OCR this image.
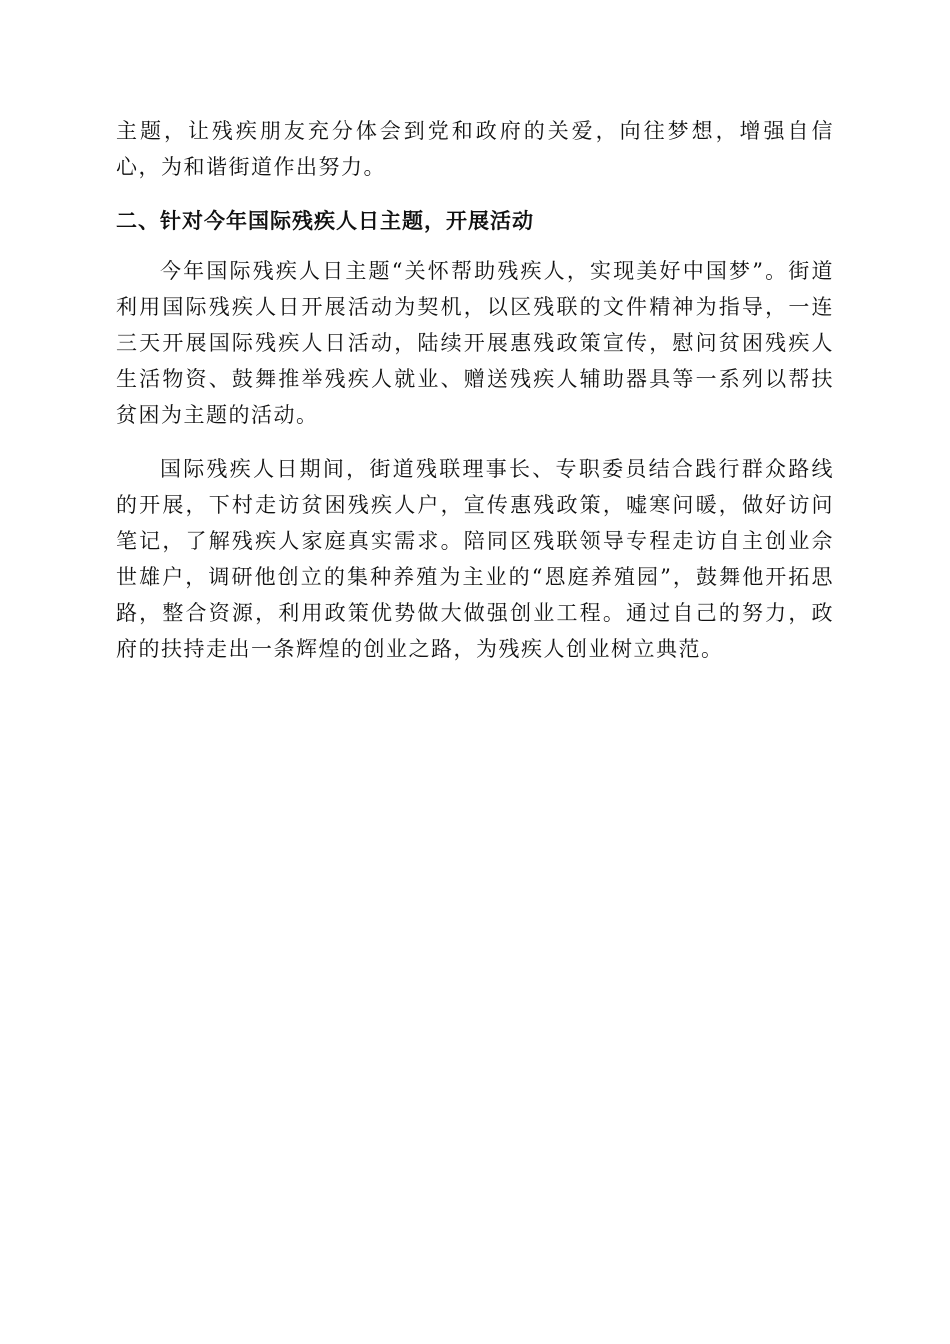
主题，让残疾朋友充分体会到党和政府的关爱，向往梦想，增强自信心，为和谐街道作出努力。

二、针对今年国际残疾人日主题，开展活动

今年国际残疾人日主题“关怀帮助残疾人，实现美好中国梦”。街道利用国际残疾人日开展活动为契机，以区残联的文件精神为指导，一连三天开展国际残疾人日活动，陆续开展惠残政策宣传，慰问贫困残疾人生活物资、鼓舞推举残疾人就业、赠送残疾人辅助器具等一系列以帮扶贫困为主题的活动。

国际残疾人日期间，街道残联理事长、专职委员结合践行群众路线的开展，下村走访贫困残疾人户，宣传惠残政策，嘘寒问暖，做好访问笔记，了解残疾人家庭真实需求。陪同区残联领导专程走访自主创业佘世雄户，调研他创立的集种养殖为主业的“恩庭养殖园”，鼓舞他开拓思路，整合资源，利用政策优势做大做强创业工程。通过自己的努力，政府的扶持走出一条辉煌的创业之路，为残疾人创业树立典范。
